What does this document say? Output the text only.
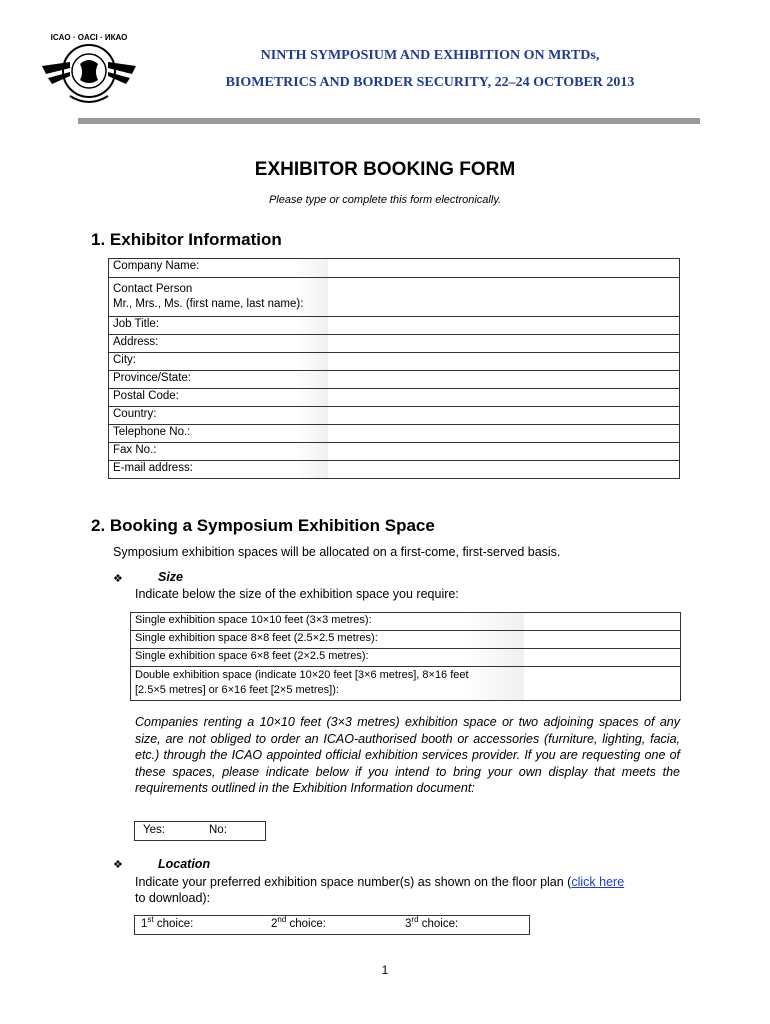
ICAO · OACI · ИКАО
NINTH SYMPOSIUM AND EXHIBITION ON MRTDs,
BIOMETRICS AND BORDER SECURITY, 22–24 OCTOBER 2013
EXHIBITOR BOOKING FORM
Please type or complete this form electronically.
1. Exhibitor Information
Company Name:	

Contact Person
Mr., Mrs., Ms. (first name, last name):	

Job Title:	
Address:	
City:	
Province/State:	
Postal Code:	
Country:	
Telephone No.:	
Fax No.:	
E-mail address:	
2. Booking a Symposium Exhibition Space
Symposium exhibition spaces will be allocated on a first-come, first-served basis.
❖	Size
Indicate below the size of the exhibition space you require:
Single exhibition space 10×10 feet (3×3 metres):	
Single exhibition space 8×8 feet (2.5×2.5 metres):	
Single exhibition space 6×8 feet (2×2.5 metres):	

Double exhibition space (indicate 10×20 feet [3×6 metres], 8×16 feet
[2.5×5 metres] or 6×16 feet [2×5 metres]):	

Companies renting a 10×10 feet (3×3 metres) exhibition space or two adjoining spaces of any size, are not obliged to order an ICAO-authorised booth or accessories (furniture, lighting, facia, etc.) through the ICAO appointed official exhibition services provider. If you are requesting one of these spaces, please indicate below if you intend to bring your own display that meets the requirements outlined in the Exhibition Information document:
Yes:	No:
❖	Location
Indicate your preferred exhibition space number(s) as shown on the floor plan (click here
to download):
1st choice:	2nd choice:	3rd choice:
1
